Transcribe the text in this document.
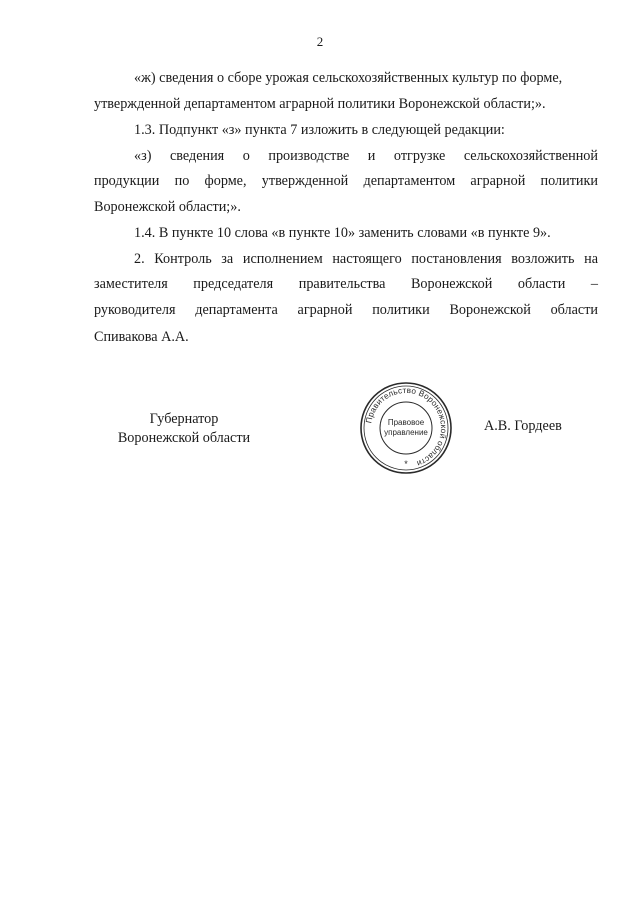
2
«ж) сведения о сборе урожая сельскохозяйственных культур по форме,
утвержденной департаментом аграрной политики Воронежской области;».
1.3. Подпункт «з» пункта 7 изложить в следующей редакции:
«з) сведения о производстве и отгрузке сельскохозяйственной
продукции по форме, утвержденной департаментом аграрной политики
Воронежской области;».
1.4. В пункте 10 слова «в пункте 10» заменить словами «в пункте 9».
2. Контроль за исполнением настоящего постановления возложить на
заместителя председателя правительства Воронежской области –
руководителя департамента аграрной политики Воронежской области
Спивакова А.А.
Губернатор
Воронежской области
Правительство Воронежской области
Правовое
управление
*
А.В. Гордеев
